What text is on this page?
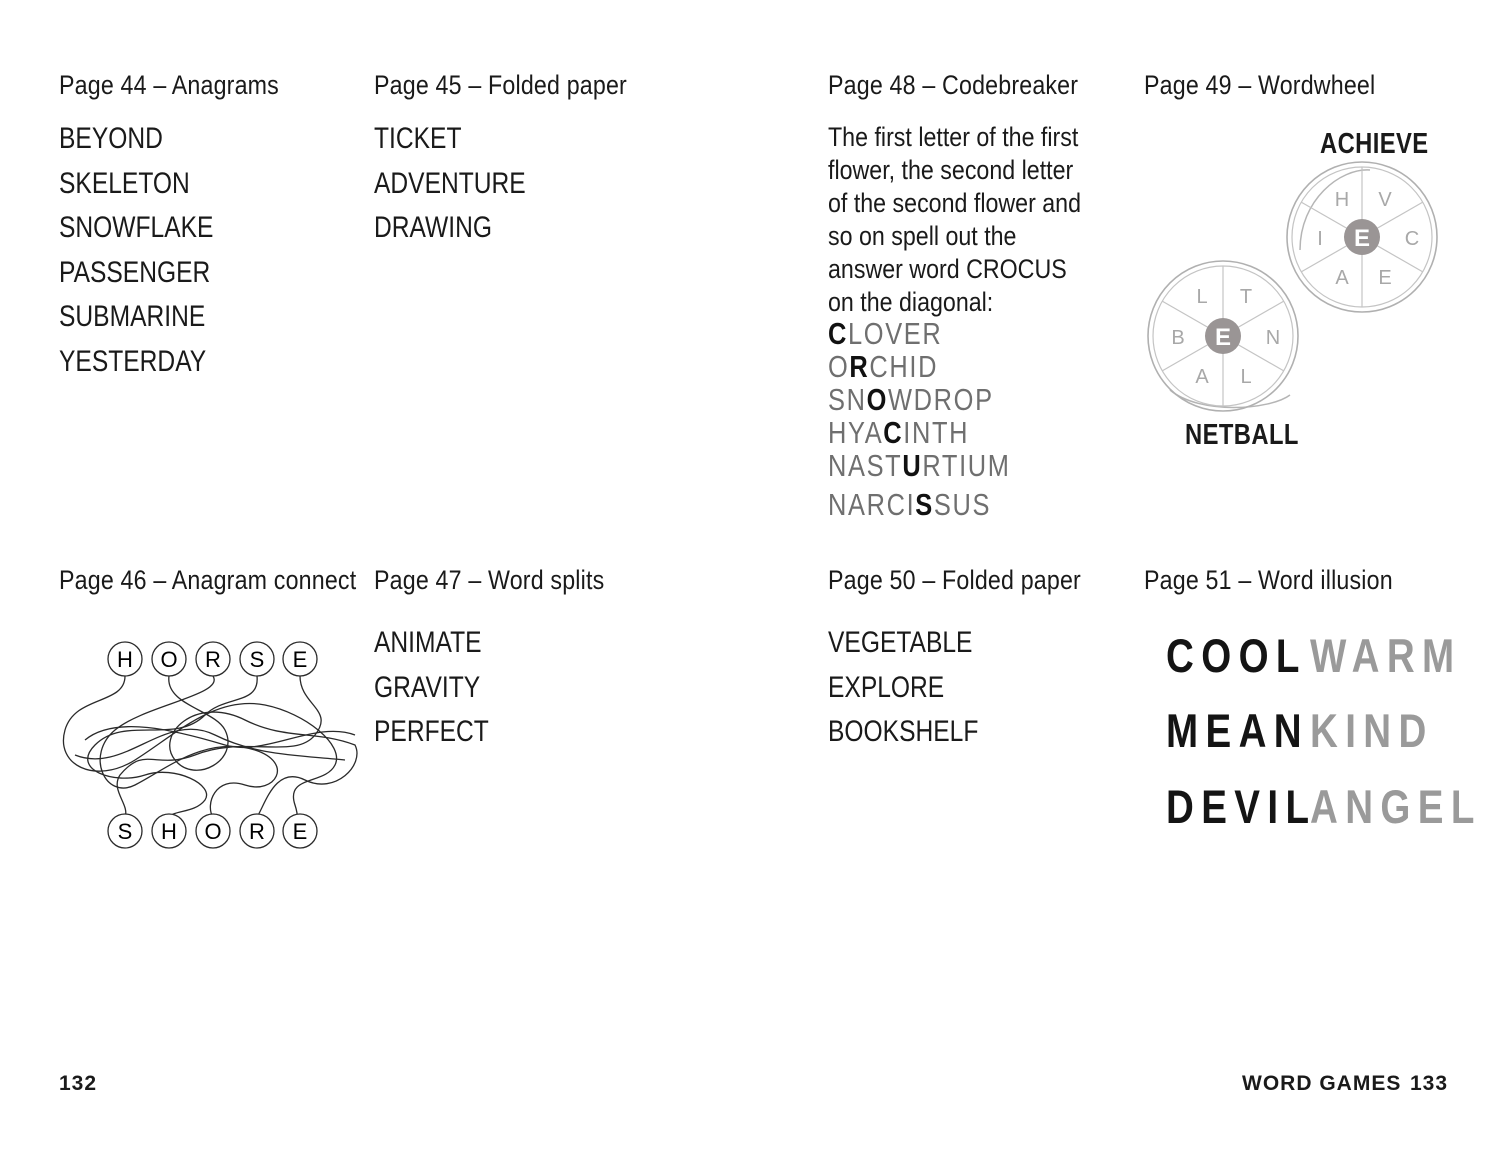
Page 44 – Anagrams
BEYOND
SKELETON
SNOWFLAKE
PASSENGER
SUBMARINE
YESTERDAY
Page 45 – Folded paper
TICKET
ADVENTURE
DRAWING
Page 46 – Anagram connect
H O R S E
S H O R E
Page 47 – Word splits
ANIMATE
GRAVITY
PERFECT
132
Page 48 – Codebreaker
The first letter of the first flower, the second letter of the second flower and so on spell out the answer word CROCUS on the diagonal:
CLOVER
ORCHID
SNOWDROP
HYACINTH
NASTURTIUM
NARCISSUS
Page 49 – Wordwheel
ACHIEVE
NETBALL
E
H V
C
E
A
I
E
L T
N
L
A
B
Page 50 – Folded paper
VEGETABLE
EXPLORE
BOOKSHELF
Page 51 – Word illusion
COOL WARM
MEAN KIND
DEVIL
ANGEL
WORD GAMES 133
